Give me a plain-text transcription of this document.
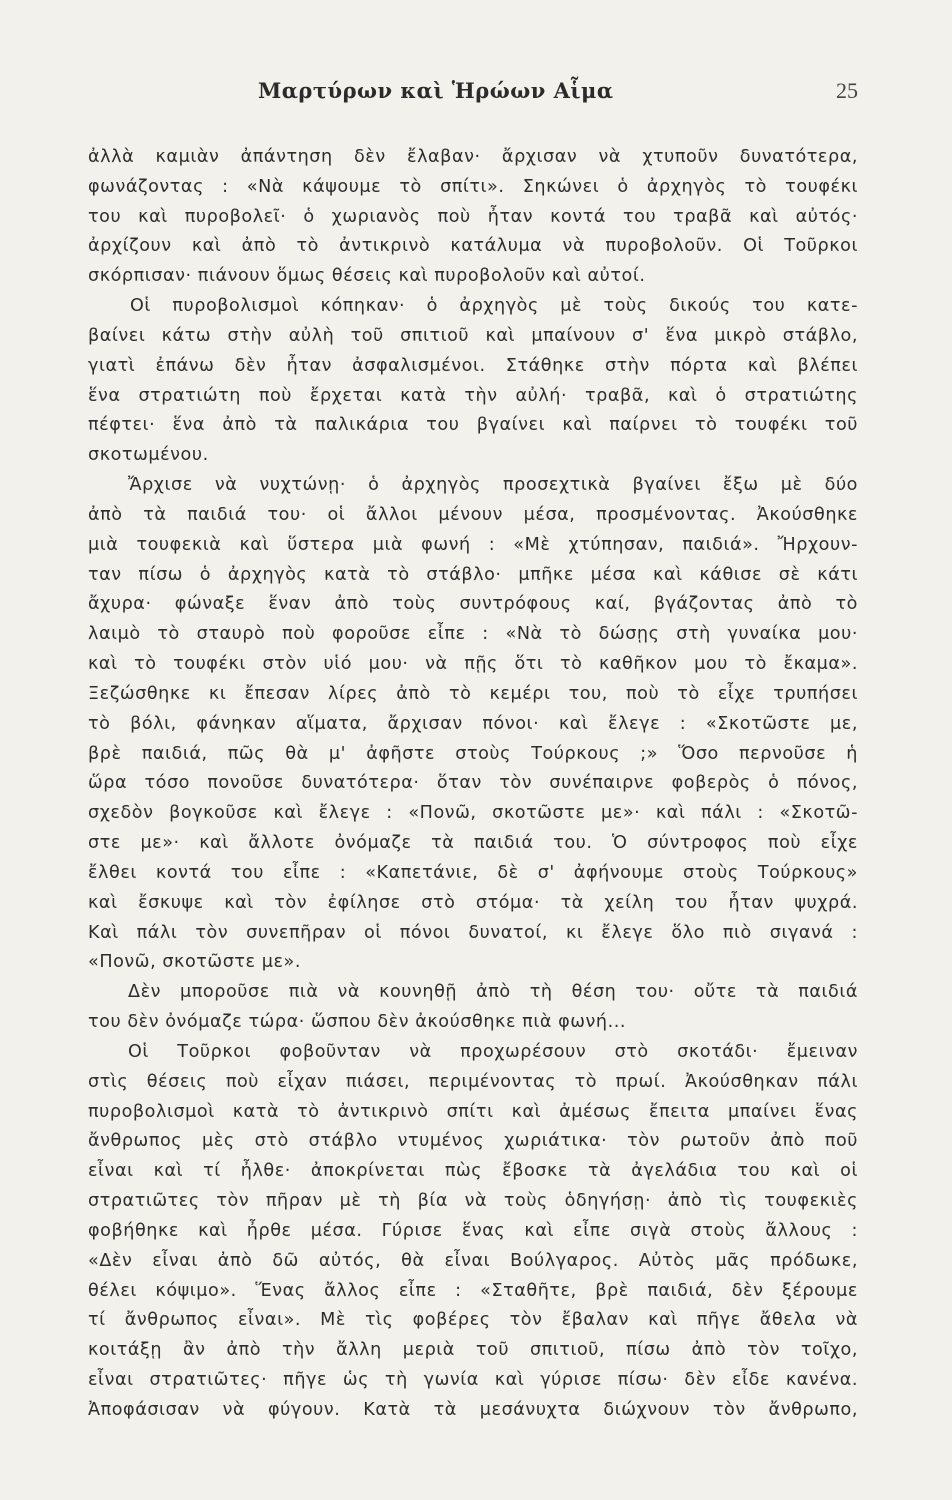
Μαρτύρων καὶ Ἡρώων Αἷμα	25
ἀλλὰ καμιὰν ἀπάντηση δὲν ἔλαβαν· ἄρχισαν νὰ χτυποῦν δυνατότερα,
φωνάζοντας : «Νὰ κάψουμε τὸ σπίτι». Σηκώνει ὁ ἀρχηγὸς τὸ τουφέκι
του καὶ πυροβολεῖ· ὁ χωριανὸς ποὺ ἦταν κοντά του τραβᾶ καὶ αὐτός·
ἀρχίζουν καὶ ἀπὸ τὸ ἀντικρινὸ κατάλυμα νὰ πυροβολοῦν. Οἱ Τοῦρκοι
σκόρπισαν· πιάνουν ὅμως θέσεις καὶ πυροβολοῦν καὶ αὐτοί.
Οἱ πυροβολισμοὶ κόπηκαν· ὁ ἀρχηγὸς μὲ τοὺς δικούς του κατε-
βαίνει κάτω στὴν αὐλὴ τοῦ σπιτιοῦ καὶ μπαίνουν σ' ἕνα μικρὸ στάβλο,
γιατὶ ἐπάνω δὲν ἦταν ἀσφαλισμένοι. Στάθηκε στὴν πόρτα καὶ βλέπει
ἕνα στρατιώτη ποὺ ἔρχεται κατὰ τὴν αὐλή· τραβᾶ, καὶ ὁ στρατιώτης
πέφτει· ἕνα ἀπὸ τὰ παλικάρια του βγαίνει καὶ παίρνει τὸ τουφέκι τοῦ
σκοτωμένου.
Ἄρχισε νὰ νυχτώνῃ· ὁ ἀρχηγὸς προσεχτικὰ βγαίνει ἔξω μὲ δύο
ἀπὸ τὰ παιδιά του· οἱ ἄλλοι μένουν μέσα, προσμένοντας. Ἀκούσθηκε
μιὰ τουφεκιὰ καὶ ὕστερα μιὰ φωνή : «Μὲ χτύπησαν, παιδιά». Ἤρχουν-
ταν πίσω ὁ ἀρχηγὸς κατὰ τὸ στάβλο· μπῆκε μέσα καὶ κάθισε σὲ κάτι
ἄχυρα· φώναξε ἕναν ἀπὸ τοὺς συντρόφους καί, βγάζοντας ἀπὸ τὸ
λαιμὸ τὸ σταυρὸ ποὺ φοροῦσε εἶπε : «Νὰ τὸ δώσῃς στὴ γυναίκα μου·
καὶ τὸ τουφέκι στὸν υἱό μου· νὰ πῇς ὅτι τὸ καθῆκον μου τὸ ἔκαμα».
Ξεζώσθηκε κι ἔπεσαν λίρες ἀπὸ τὸ κεμέρι του, ποὺ τὸ εἶχε τρυπήσει
τὸ βόλι, φάνηκαν αἵματα, ἄρχισαν πόνοι· καὶ ἔλεγε : «Σκοτῶστε με,
βρὲ παιδιά, πῶς θὰ μ' ἀφῆστε στοὺς Τούρκους ;» Ὅσο περνοῦσε ἡ
ὥρα τόσο πονοῦσε δυνατότερα· ὅταν τὸν συνέπαιρνε φοβερὸς ὁ πόνος,
σχεδὸν βογκοῦσε καὶ ἔλεγε : «Πονῶ, σκοτῶστε με»· καὶ πάλι : «Σκοτῶ-
στε με»· καὶ ἄλλοτε ὀνόμαζε τὰ παιδιά του. Ὁ σύντροφος ποὺ εἶχε
ἔλθει κοντά του εἶπε : «Καπετάνιε, δὲ σ' ἀφήνουμε στοὺς Τούρκους»
καὶ ἔσκυψε καὶ τὸν ἐφίλησε στὸ στόμα· τὰ χείλη του ἦταν ψυχρά.
Καὶ πάλι τὸν συνεπῆραν οἱ πόνοι δυνατοί, κι ἔλεγε ὅλο πιὸ σιγανά :
«Πονῶ, σκοτῶστε με».
Δὲν μποροῦσε πιὰ νὰ κουνηθῇ ἀπὸ τὴ θέση του· οὔτε τὰ παιδιά
του δὲν ὀνόμαζε τώρα· ὥσπου δὲν ἀκούσθηκε πιὰ φωνή...
Οἱ Τοῦρκοι φοβοῦνταν νὰ προχωρέσουν στὸ σκοτάδι· ἔμειναν
στὶς θέσεις ποὺ εἶχαν πιάσει, περιμένοντας τὸ πρωί. Ἀκούσθηκαν πάλι
πυροβολισμοὶ κατὰ τὸ ἀντικρινὸ σπίτι καὶ ἀμέσως ἔπειτα μπαίνει ἕνας
ἄνθρωπος μὲς στὸ στάβλο ντυμένος χωριάτικα· τὸν ρωτοῦν ἀπὸ ποῦ
εἶναι καὶ τί ἦλθε· ἀποκρίνεται πὼς ἔβοσκε τὰ ἀγελάδια του καὶ οἱ
στρατιῶτες τὸν πῆραν μὲ τὴ βία νὰ τοὺς ὁδηγήσῃ· ἀπὸ τὶς τουφεκιὲς
φοβήθηκε καὶ ἦρθε μέσα. Γύρισε ἕνας καὶ εἶπε σιγὰ στοὺς ἄλλους :
«Δὲν εἶναι ἀπὸ δῶ αὐτός, θὰ εἶναι Βούλγαρος. Αὐτὸς μᾶς πρόδωκε,
θέλει κόψιμο». Ἕνας ἄλλος εἶπε : «Σταθῆτε, βρὲ παιδιά, δὲν ξέρουμε
τί ἄνθρωπος εἶναι». Μὲ τὶς φοβέρες τὸν ἔβαλαν καὶ πῆγε ἄθελα νὰ
κοιτάξῃ ἂν ἀπὸ τὴν ἄλλη μεριὰ τοῦ σπιτιοῦ, πίσω ἀπὸ τὸν τοῖχο,
εἶναι στρατιῶτες· πῆγε ὡς τὴ γωνία καὶ γύρισε πίσω· δὲν εἶδε κανένα.
Ἀποφάσισαν νὰ φύγουν. Κατὰ τὰ μεσάνυχτα διώχνουν τὸν ἄνθρωπο,
